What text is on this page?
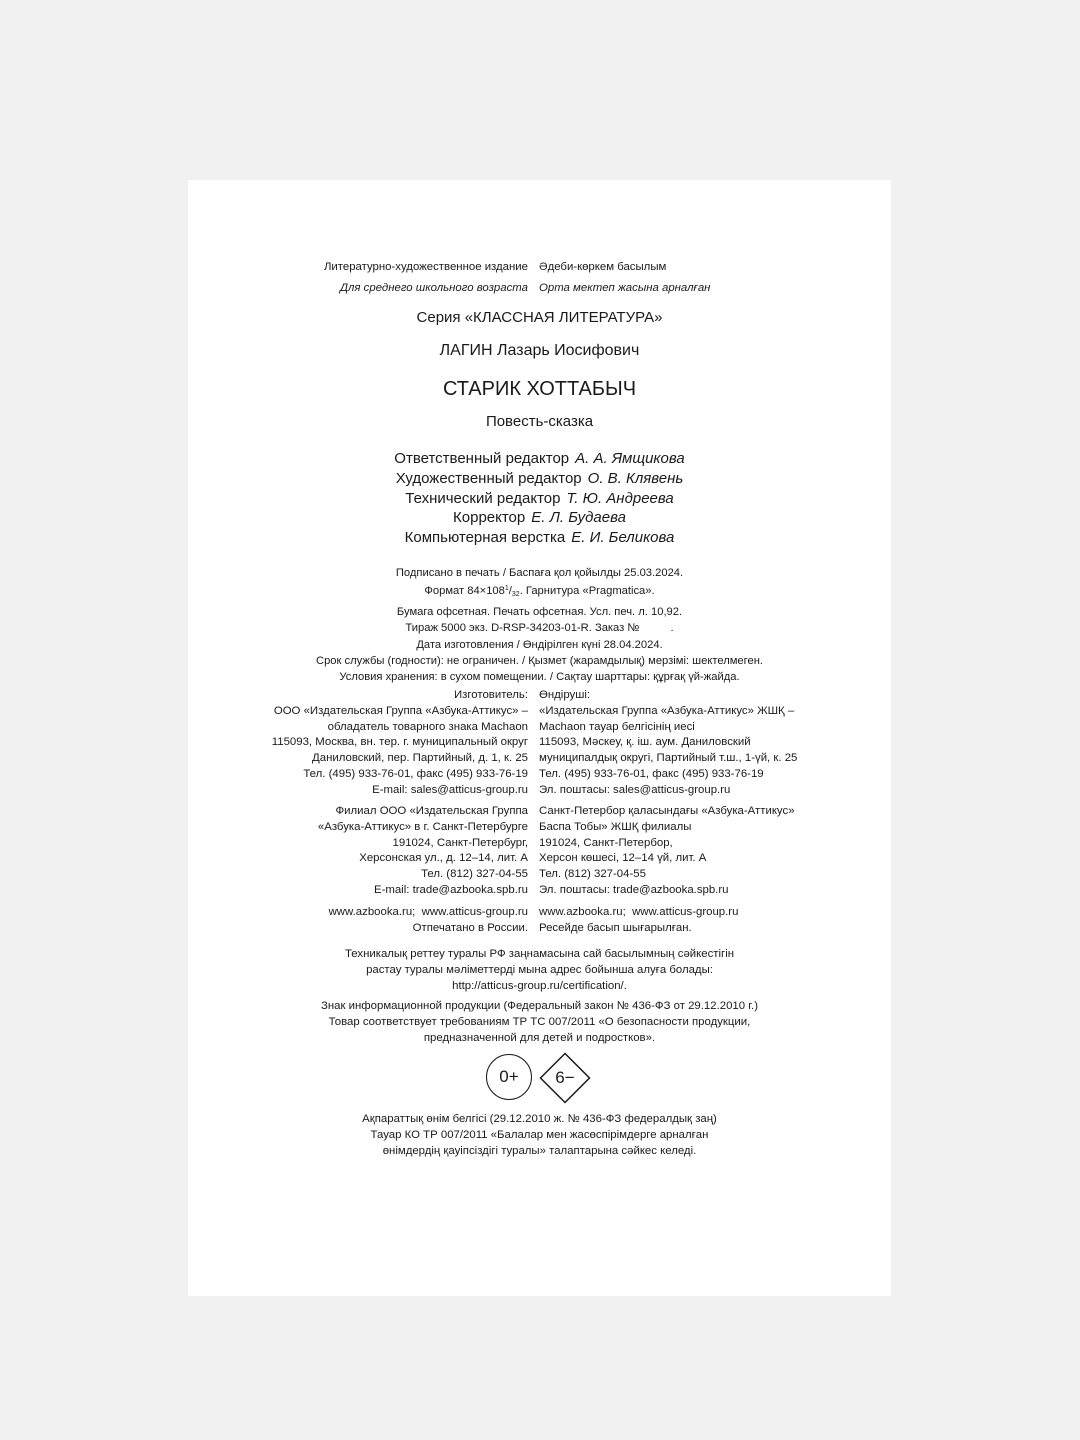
Литературно-художественное издание Әдеби-көркем басылым
Для среднего школьного возраста Орта мектеп жасына арналған
Серия «КЛАССНАЯ ЛИТЕРАТУРА»
ЛАГИН Лазарь Иосифович
СТАРИК ХОТТАБЫЧ
Повесть-сказка
Ответственный редактор А. А. Ямщикова
Художественный редактор О. В. Клявень
Технический редактор Т. Ю. Андреева
Корректор Е. Л. Будаева
Компьютерная верстка Е. И. Беликова
Подписано в печать / Баспаға қол қойылды 25.03.2024.
Формат $84\times 108^1/_{32}$. Гарнитура «Pragmatica».
Бумага офсетная. Печать офсетная. Усл. печ. л. 10,92.
Тираж 5000 экз. D-RSP-34203-01-R. Заказ №          .
Дата изготовления / Өндірілген күні 28.04.2024.
Срок службы (годности): не ограничен. / Қызмет (жарамдылық) мерзімі: шектелмеген.
Условия хранения: в сухом помещении. / Сақтау шарттары: құрғақ үй-жайда.
Изготовитель:
ООО «Издательская Группа «Азбука-Аттикус» –
обладатель товарного знака Machaon
115093, Москва, вн. тер. г. муниципальный округ
Даниловский, пер. Партийный, д. 1, к. 25
Тел. (495) 933-76-01, факс (495) 933-76-19
E-mail: sales@atticus-group.ru
Өндіруші:
«Издательская Группа «Азбука-Аттикус» ЖШҚ –
Machaon тауар белгісінің иесі
115093, Мәскеу, қ. іш. аум. Даниловский
муниципалдық округі, Партийный т.ш., 1-үй, к. 25
Тел. (495) 933-76-01, факс (495) 933-76-19
Эл. поштасы: sales@atticus-group.ru
Филиал ООО «Издательская Группа
«Азбука-Аттикус» в г. Санкт-Петербурге
191024, Санкт-Петербург,
Херсонская ул., д. 12–14, лит. А
Тел. (812) 327-04-55
E-mail: trade@azbooka.spb.ru
Санкт-Петербор қаласындағы «Азбука-Аттикус»
Баспа Тобы» ЖШҚ филиалы
191024, Санкт-Петербор,
Херсон көшесі, 12–14 үй, лит. А
Тел. (812) 327-04-55
Эл. поштасы: trade@azbooka.spb.ru
www.azbooka.ru;  www.atticus-group.ru
Отпечатано в России.
www.azbooka.ru;  www.atticus-group.ru
Ресейде басып шығарылған.
Техникалық реттеу туралы РФ заңнамасына сай басылымның сәйкестігін
растау туралы мәліметтерді мына адрес бойынша алуға болады:
http://atticus-group.ru/certification/.
Знак информационной продукции (Федеральный закон № 436-ФЗ от 29.12.2010 г.)
Товар соответствует требованиям ТР ТС 007/2011 «О безопасности продукции,
предназначенной для детей и подростков».
0+ 6−
Ақпараттық өнім белгісі (29.12.2010 ж. № 436-ФЗ федералдық заң)
Тауар КО ТР 007/2011 «Балалар мен жасөспірімдерге арналған
өнімдердің қауіпсіздігі туралы» талаптарына сәйкес келеді.
